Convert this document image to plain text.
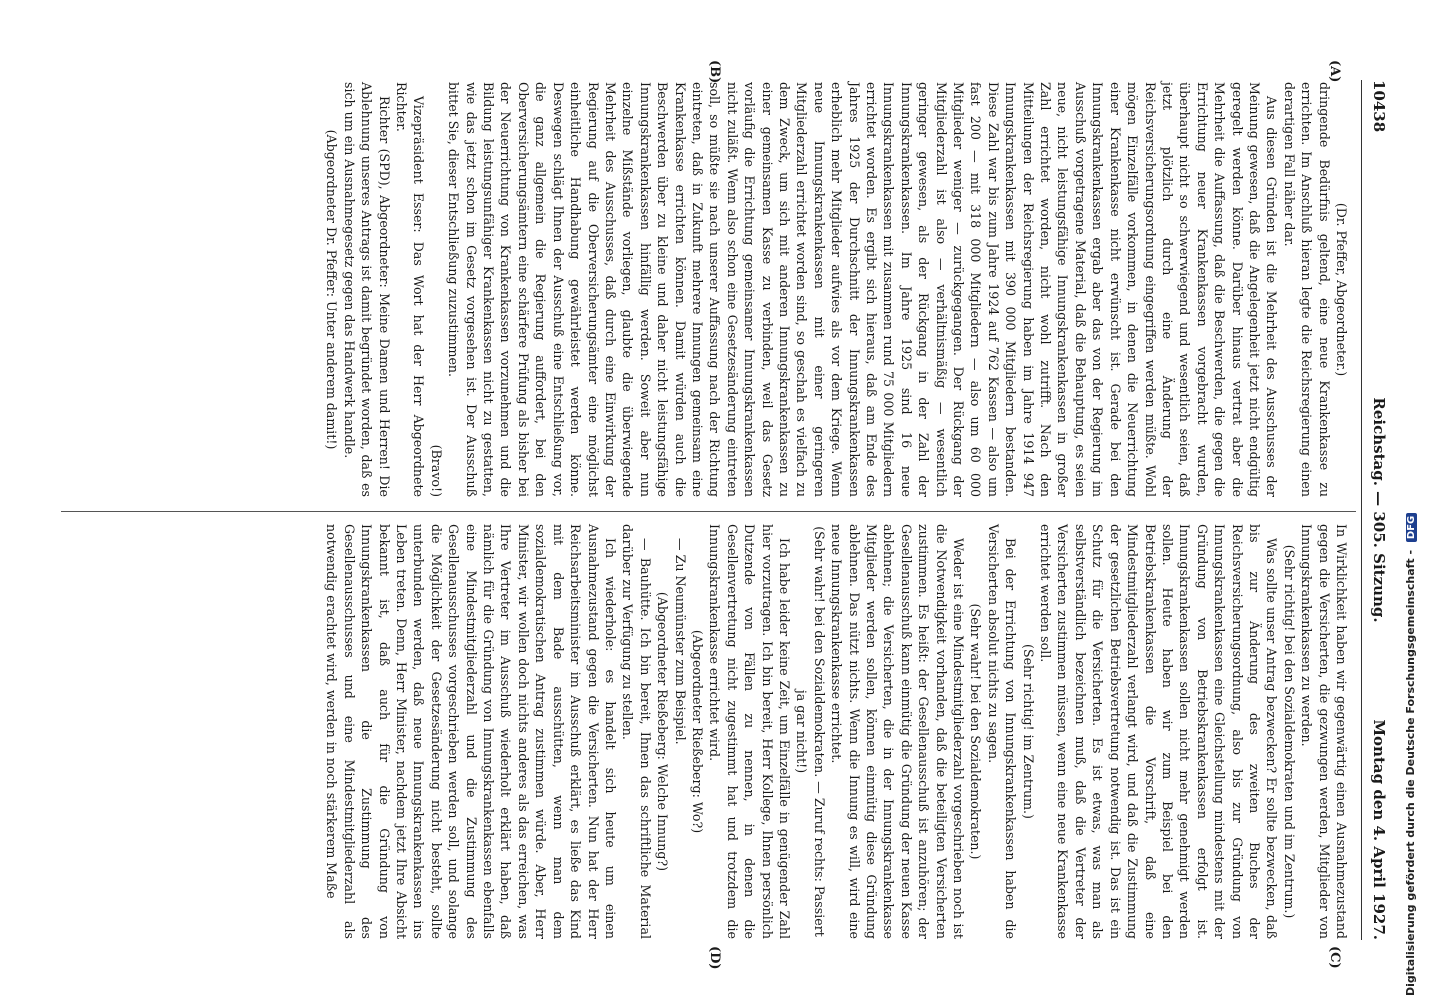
10438
Reichstag. — 305. Sitzung.
Montag den 4. April 1927.
(A)
(B)
(C)
(D)

(Dr. Pfeffer, Abgeordneter.)

dringende Bedürfnis geltend, eine neue Krankenkasse zu errichten. Im Anschluß hieran legte die Reichsregierung einen derartigen Fall näher dar.

Aus diesen Gründen ist die Mehrheit des Ausschusses der Meinung gewesen, daß die Angelegenheit jetzt nicht endgültig geregelt werden könne. Darüber hinaus vertrat aber die Mehrheit die Auffassung, daß die Beschwerden, die gegen die Errichtung neuer Krankenkassen vorgebracht wurden, überhaupt nicht so schwerwiegend und wesentlich seien, daß jetzt plötzlich durch eine Änderung der Reichsversicherungsordnung eingegriffen werden müßte. Wohl mögen Einzelfälle vorkommen, in denen die Neuerrichtung einer Krankenkasse nicht erwünscht ist. Gerade bei den Innungskrankenkassen ergab aber das von der Regierung im Ausschuß vorgetragene Material, daß die Behauptung, es seien neue, nicht leistungsfähige Innungskrankenkassen in großer Zahl errichtet worden, nicht wohl zutrifft. Nach den Mitteilungen der Reichsregierung haben im Jahre 1914 947 Innungskrankenkassen mit 390 000 Mitgliedern bestanden. Diese Zahl war bis zum Jahre 1924 auf 762 Kassen — also um fast 200 — mit 318 000 Mitgliedern — also um 60 000 Mitglieder weniger — zurückgegangen. Der Rückgang der Mitgliederzahl ist also — verhältnismäßig — wesentlich geringer gewesen, als der Rückgang in der Zahl der Innungskrankenkassen. Im Jahre 1925 sind 16 neue Innungskrankenkassen mit zusammen rund 75 000 Mitgliedern errichtet worden. Es ergibt sich hieraus, daß am Ende des Jahres 1925 der Durchschnitt der Innungskrankenkassen erheblich mehr Mitglieder aufwies als vor dem Kriege. Wenn neue Innungskrankenkassen mit einer geringeren Mitgliederzahl errichtet worden sind, so geschah es vielfach zu dem Zweck, um sich mit anderen Innungskrankenkassen zu einer gemeinsamen Kasse zu verbinden, weil das Gesetz vorläufig die Errichtung gemeinsamer Innungskrankenkassen nicht zuläßt. Wenn also schon eine Gesetzesänderung eintreten soll, so müßte sie nach unserer Auffassung nach der Richtung eintreten, daß in Zukunft mehrere Innungen gemeinsam eine Krankenkasse errichten können. Damit würden auch die Beschwerden über zu kleine und daher nicht leistungsfähige Innungskrankenkassen hinfällig werden. Soweit aber nun einzelne Mißstände vorliegen, glaubte die überwiegende Mehrheit des Ausschusses, daß durch eine Einwirkung der Regierung auf die Oberversicherungsämter eine möglichst einheitliche Handhabung gewährleistet werden könne. Deswegen schlägt Ihnen der Ausschuß eine Entschließung vor, die ganz allgemein die Regierung auffordert, bei den Oberversicherungsämtern eine schärfere Prüfung als bisher bei der Neuerrichtung von Krankenkassen vorzunehmen und die Bildung leistungsunfähiger Krankenkassen nicht zu gestatten, wie das jetzt schon im Gesetz vorgesehen ist. Der Ausschuß bittet Sie, dieser Entschließung zuzustimmen.

(Bravo!)

Vizepräsident Esser: Das Wort hat der Herr Abgeordnete Richter.

Richter (SPD), Abgeordneter: Meine Damen und Herren! Die Ablehnung unseres Antrags ist damit begründet worden, daß es sich um ein Ausnahmegesetz gegen das Handwerk handle.

(Abgeordneter Dr. Pfeffer: Unter anderem damit!)

In Wirklichkeit haben wir gegenwärtig einen Ausnahmezustand gegen die Versicherten, die gezwungen werden, Mitglieder von Innungskrankenkassen zu werden.

(Sehr richtig! bei den Sozialdemokraten und im Zentrum.)

Was sollte unser Antrag bezwecken? Er sollte bezwecken, daß bis zur Änderung des zweiten Buches der Reichsversicherungsordnung, also bis zur Gründung von Innungskrankenkassen eine Gleichstellung mindestens mit der Gründung von Betriebskrankenkassen erfolgt ist. Innungskrankenkassen sollen nicht mehr genehmigt werden sollen. Heute haben wir zum Beispiel bei den Betriebskrankenkassen die Vorschrift, daß eine Mindestmitgliederzahl verlangt wird, und daß die Zustimmung der gesetzlichen Betriebsvertretung notwendig ist. Das ist ein Schutz für die Versicherten. Es ist etwas, was man als selbstverständlich bezeichnen muß, daß die Vertreter der Versicherten zustimmen müssen, wenn eine neue Krankenkasse errichtet werden soll.

(Sehr richtig! im Zentrum.)

Bei der Errichtung von Innungskrankenkassen haben die Versicherten absolut nichts zu sagen.

(Sehr wahr! bei den Sozialdemokraten.)

Weder ist eine Mindestmitgliederzahl vorgeschrieben noch ist die Notwendigkeit vorhanden, daß die beteiligten Versicherten zustimmen. Es heißt: der Gesellenausschuß ist anzuhören; der Gesellenausschuß kann einmütig die Gründung der neuen Kasse ablehnen; die Versicherten, die in der Innungskrankenkasse Mitglieder werden sollen, können einmütig diese Gründung ablehnen. Das nützt nichts. Wenn die Innung es will, wird eine neue Innungskrankenkasse errichtet.

(Sehr wahr! bei den Sozialdemokraten. — Zuruf rechts: Passiert ja gar nicht!)

Ich habe leider keine Zeit, um Einzelfälle in genügender Zahl hier vorzutragen. Ich bin bereit, Herr Kollege, Ihnen persönlich Dutzende von Fällen zu nennen, in denen die Gesellenvertretung nicht zugestimmt hat und trotzdem die Innungskrankenkasse errichtet wird.

(Abgeordneter Rießeberg: Wo?)

— Zu Neumünster zum Beispiel.

(Abgeordneter Rießeberg: Welche Innung?)

— Bauhütte. Ich bin bereit, Ihnen das schriftliche Material darüber zur Verfügung zu stellen.

Ich wiederhole: es handelt sich heute um einen Ausnahmezustand gegen die Versicherten. Nun hat der Herr Reichsarbeitsminister im Ausschuß erklärt, es ließe das Kind mit dem Bade ausschütten, wenn man dem sozialdemokratischen Antrag zustimmen würde. Aber, Herr Minister, wir wollen doch nichts anderes als das erreichen, was Ihre Vertreter im Ausschuß wiederholt erklärt haben, daß nämlich für die Gründung von Innungskrankenkassen ebenfalls eine Mindestmitgliederzahl und die Zustimmung des Gesellenausschusses vorgeschrieben werden soll, und solange die Möglichkeit der Gesetzesänderung nicht besteht, sollte unterbunden werden, daß neue Innungskrankenkassen ins Leben treten. Denn, Herr Minister, nachdem jetzt Ihre Absicht bekannt ist, daß auch für die Gründung von Innungskrankenkassen die Zustimmung des Gesellenausschusses und eine Mindestmitgliederzahl als notwendig erachtet wird, werden in noch stärkerem Maße	Digitalisierung gefördert durch die Deutsche Forschungsgemeinschaft - DFG
